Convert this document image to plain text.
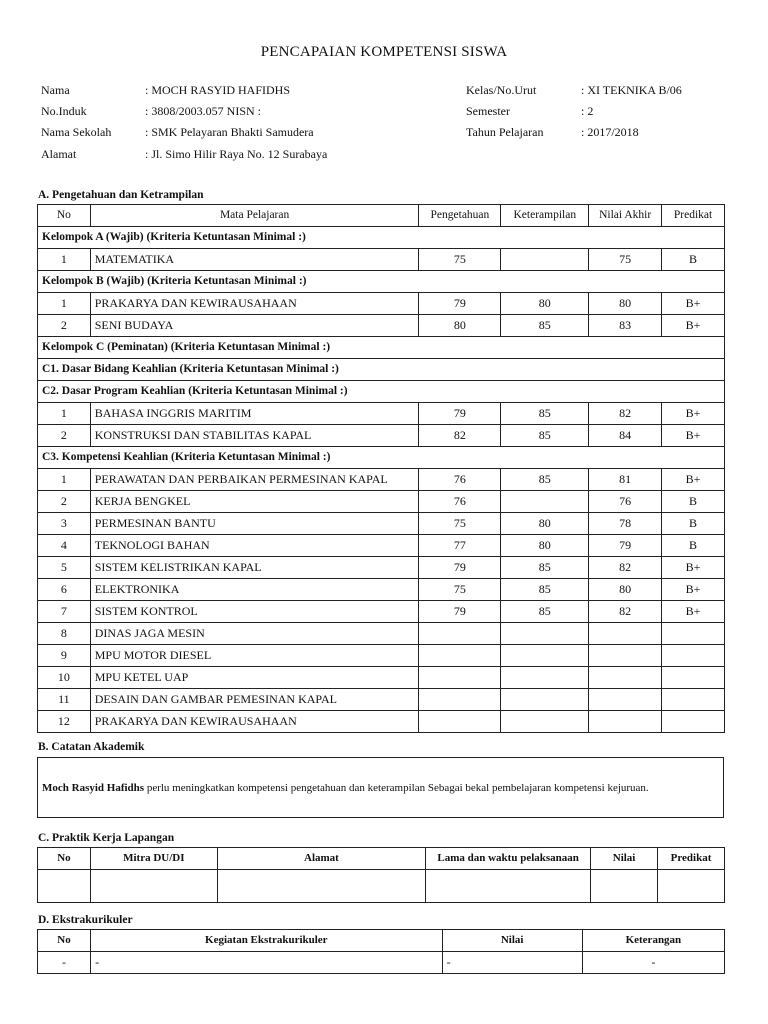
PENCAPAIAN KOMPETENSI SISWA
Nama	: MOCH RASYID HAFIDHS
No.Induk	: 3808/2003.057 NISN :
Nama Sekolah	: SMK Pelayaran Bhakti Samudera
Alamat	: Jl. Simo Hilir Raya No. 12 Surabaya
Kelas/No.Urut	: XI TEKNIKA B/06
Semester	: 2
Tahun Pelajaran	: 2017/2018
A. Pengetahuan dan Ketrampilan
No	Mata Pelajaran	Pengetahuan	Keterampilan	Nilai Akhir	Predikat
Kelompok A (Wajib) (Kriteria Ketuntasan Minimal :)					
1	MATEMATIKA	75		75	B
Kelompok B (Wajib) (Kriteria Ketuntasan Minimal :)					
1	PRAKARYA DAN KEWIRAUSAHAAN	79	80	80	B+
2	SENI BUDAYA	80	85	83	B+
Kelompok C (Peminatan) (Kriteria Ketuntasan Minimal :)					
C1. Dasar Bidang Keahlian (Kriteria Ketuntasan Minimal :)					
C2. Dasar Program Keahlian (Kriteria Ketuntasan Minimal :)					
1	BAHASA INGGRIS MARITIM	79	85	82	B+
2	KONSTRUKSI DAN STABILITAS KAPAL	82	85	84	B+
C3. Kompetensi Keahlian (Kriteria Ketuntasan Minimal :)					
1	PERAWATAN DAN PERBAIKAN PERMESINAN KAPAL	76	85	81	B+
2	KERJA BENGKEL	76		76	B
3	PERMESINAN BANTU	75	80	78	B
4	TEKNOLOGI BAHAN	77	80	79	B
5	SISTEM KELISTRIKAN KAPAL	79	85	82	B+
6	ELEKTRONIKA	75	85	80	B+
7	SISTEM KONTROL	79	85	82	B+
8	DINAS JAGA MESIN				
9	MPU MOTOR DIESEL				
10	MPU KETEL UAP				
11	DESAIN DAN GAMBAR PEMESINAN KAPAL				
12	PRAKARYA DAN KEWIRAUSAHAAN				
B. Catatan Akademik
Moch Rasyid Hafidhs perlu meningkatkan kompetensi pengetahuan dan keterampilan Sebagai bekal pembelajaran kompetensi kejuruan.
C. Praktik Kerja Lapangan
No	Mitra DU/DI	Alamat	Lama dan waktu pelaksanaan	Nilai	Predikat

D. Ekstrakurikuler
No	Kegiatan Ekstrakurikuler	Nilai	Keterangan
-	-	-	-
